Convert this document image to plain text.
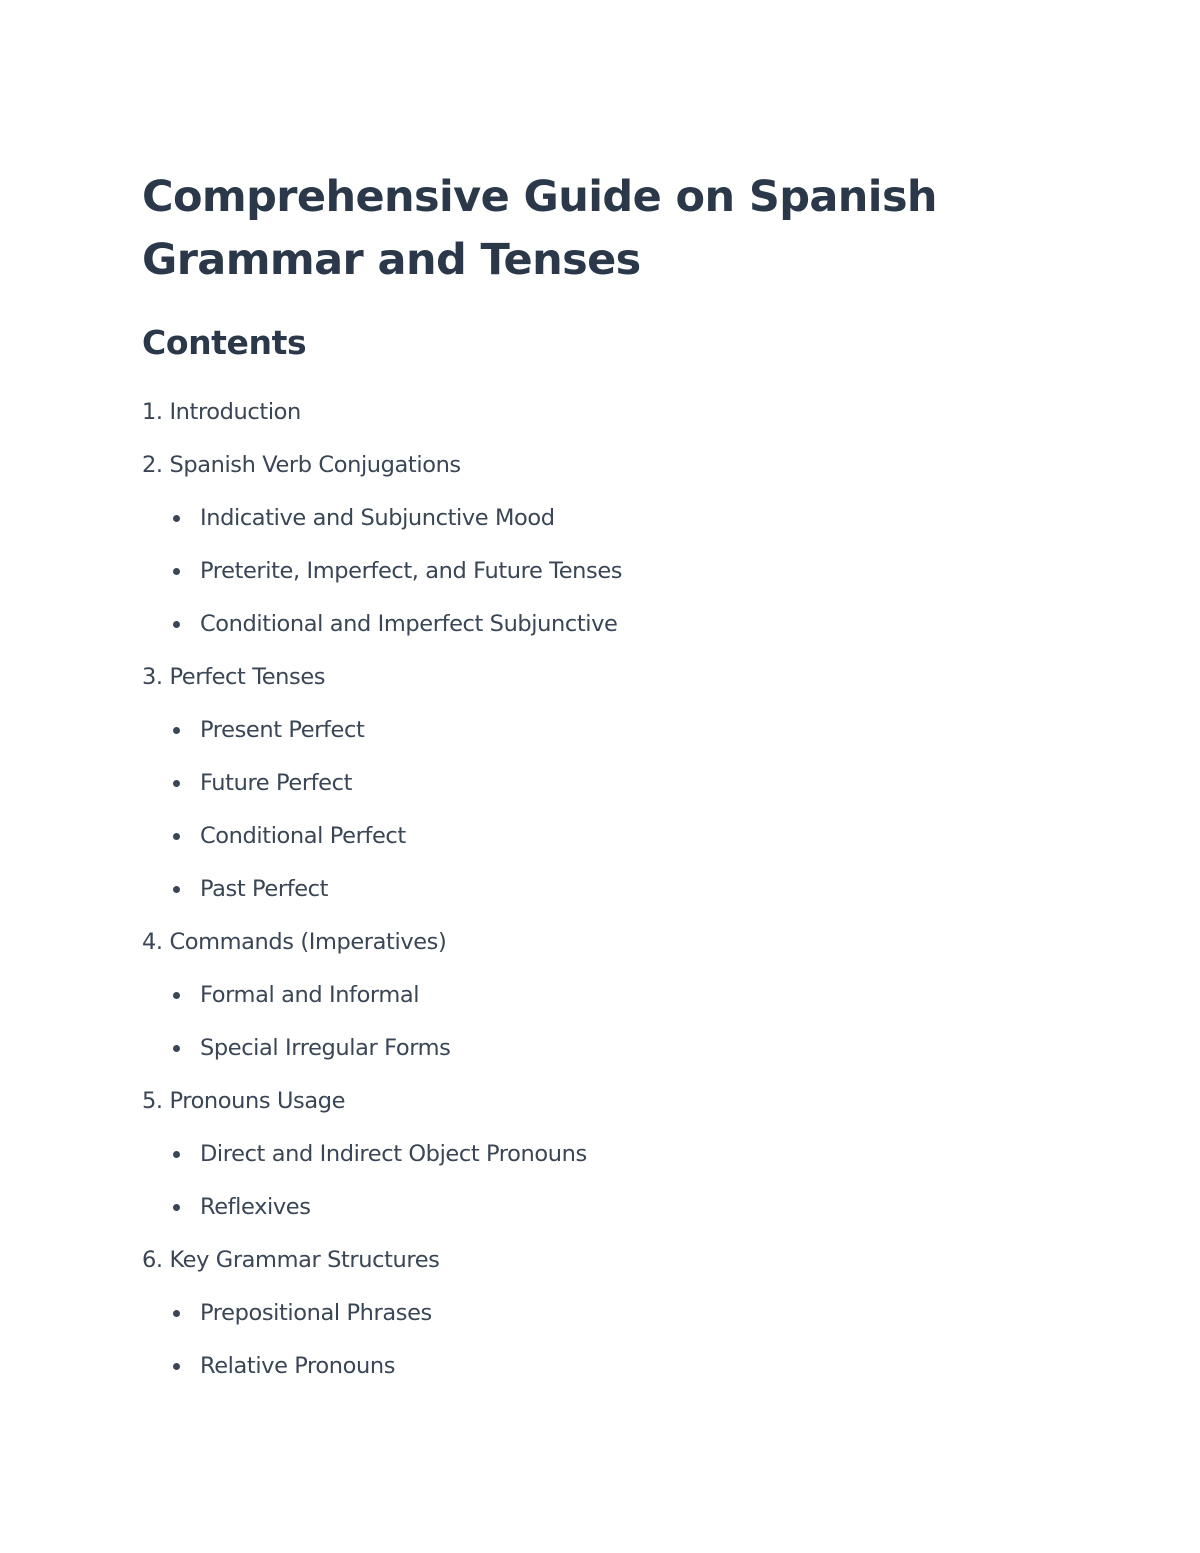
Comprehensive Guide on Spanish Grammar and Tenses
Contents
1. Introduction
2. Spanish Verb Conjugations
Indicative and Subjunctive Mood
Preterite, Imperfect, and Future Tenses
Conditional and Imperfect Subjunctive
3. Perfect Tenses
Present Perfect
Future Perfect
Conditional Perfect
Past Perfect
4. Commands (Imperatives)
Formal and Informal
Special Irregular Forms
5. Pronouns Usage
Direct and Indirect Object Pronouns
Reflexives
6. Key Grammar Structures
Prepositional Phrases
Relative Pronouns
